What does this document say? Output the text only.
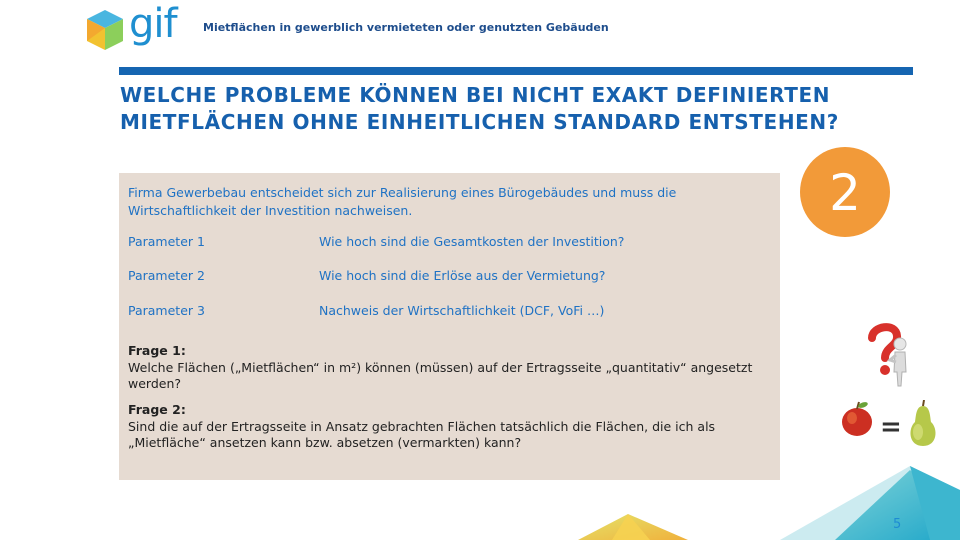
gif Mietflächen in gewerblich vermieteten oder genutzten Gebäuden
WELCHE PROBLEME KÖNNEN BEI NICHT EXAKT DEFINIERTEN MIETFLÄCHEN OHNE EINHEITLICHEN STANDARD ENTSTEHEN?

Firma Gewerbebau entscheidet sich zur Realisierung eines Bürogebäudes und muss die Wirtschaftlichkeit der Investition nachweisen.

Parameter 1	Wie hoch sind die Gesamtkosten der Investition?
Parameter 2	Wie hoch sind die Erlöse aus der Vermietung?
Parameter 3	Nachweis der Wirtschaftlichkeit (DCF, VoFi …)
Frage 1:
Welche Flächen („Mietflächen“ in m²) können (müssen) auf der Ertragsseite „quantitativ“ angesetzt werden?
Frage 2:
Sind die auf der Ertragsseite in Ansatz gebrachten Flächen tatsächlich die Flächen, die ich als „Mietfläche“ ansetzen kann bzw. absetzen (vermarkten) kann?
2
=
5
